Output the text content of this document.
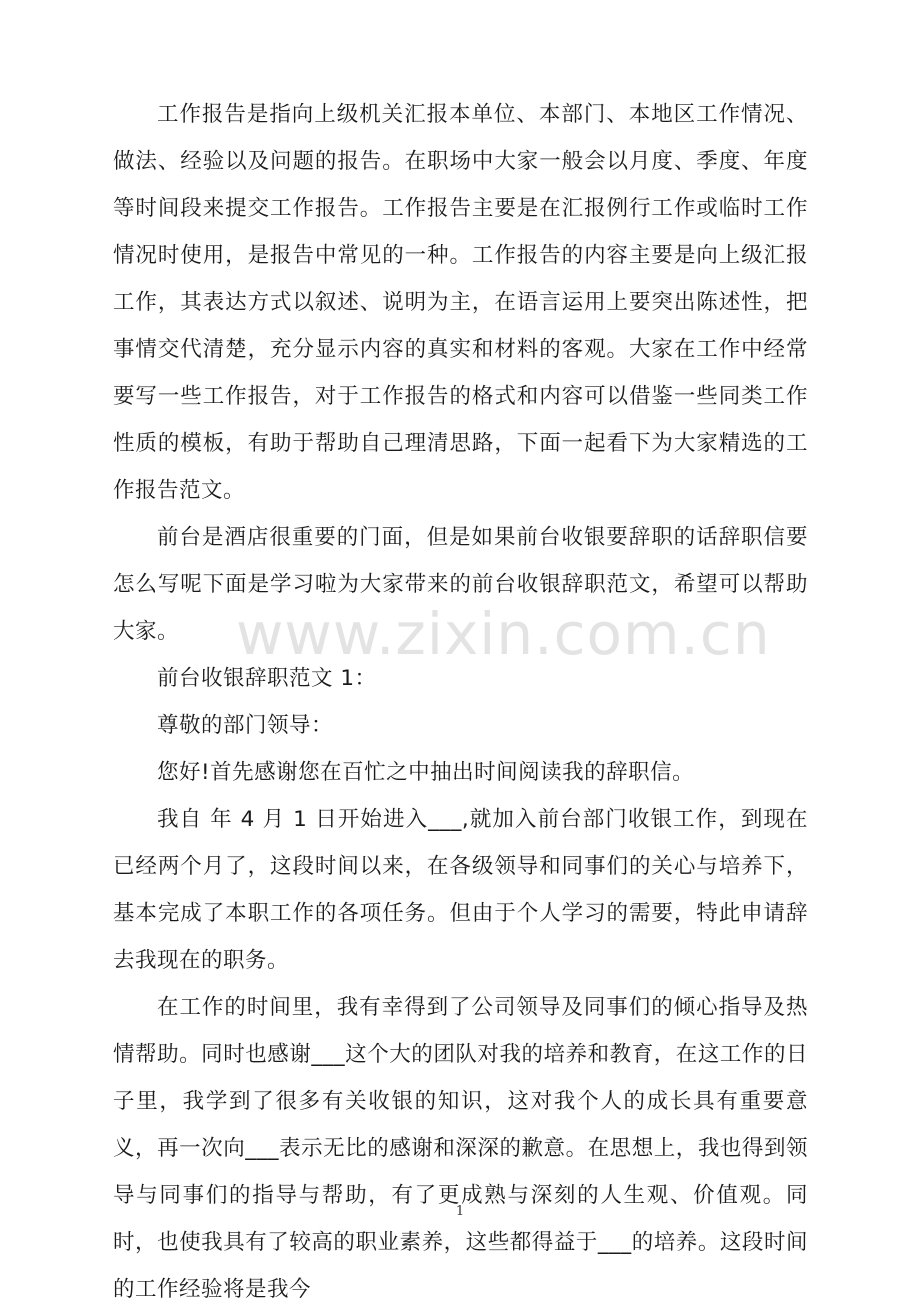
工作报告是指向上级机关汇报本单位、本部门、本地区工作情况、做法、经验以及问题的报告。在职场中大家一般会以月度、季度、年度等时间段来提交工作报告。工作报告主要是在汇报例行工作或临时工作情况时使用，是报告中常见的一种。工作报告的内容主要是向上级汇报工作，其表达方式以叙述、说明为主，在语言运用上要突出陈述性，把事情交代清楚，充分显示内容的真实和材料的客观。大家在工作中经常要写一些工作报告，对于工作报告的格式和内容可以借鉴一些同类工作性质的模板，有助于帮助自己理清思路，下面一起看下为大家精选的工作报告范文。

前台是酒店很重要的门面，但是如果前台收银要辞职的话辞职信要怎么写呢下面是学习啦为大家带来的前台收银辞职范文，希望可以帮助大家。

前台收银辞职范文 1：

尊敬的部门领导：

您好!首先感谢您在百忙之中抽出时间阅读我的辞职信。

我自 年 4 月 1 日开始进入___,就加入前台部门收银工作，到现在已经两个月了，这段时间以来，在各级领导和同事们的关心与培养下，基本完成了本职工作的各项任务。但由于个人学习的需要，特此申请辞去我现在的职务。

在工作的时间里，我有幸得到了公司领导及同事们的倾心指导及热情帮助。同时也感谢___这个大的团队对我的培养和教育，在这工作的日子里，我学到了很多有关收银的知识，这对我个人的成长具有重要意义，再一次向___表示无比的感谢和深深的歉意。在思想上，我也得到领导与同事们的指导与帮助，有了更成熟与深刻的人生观、价值观。同时，也使我具有了较高的职业素养，这些都得益于___的培养。这段时间的工作经验将是我今

www.zixin.com.cn
1
